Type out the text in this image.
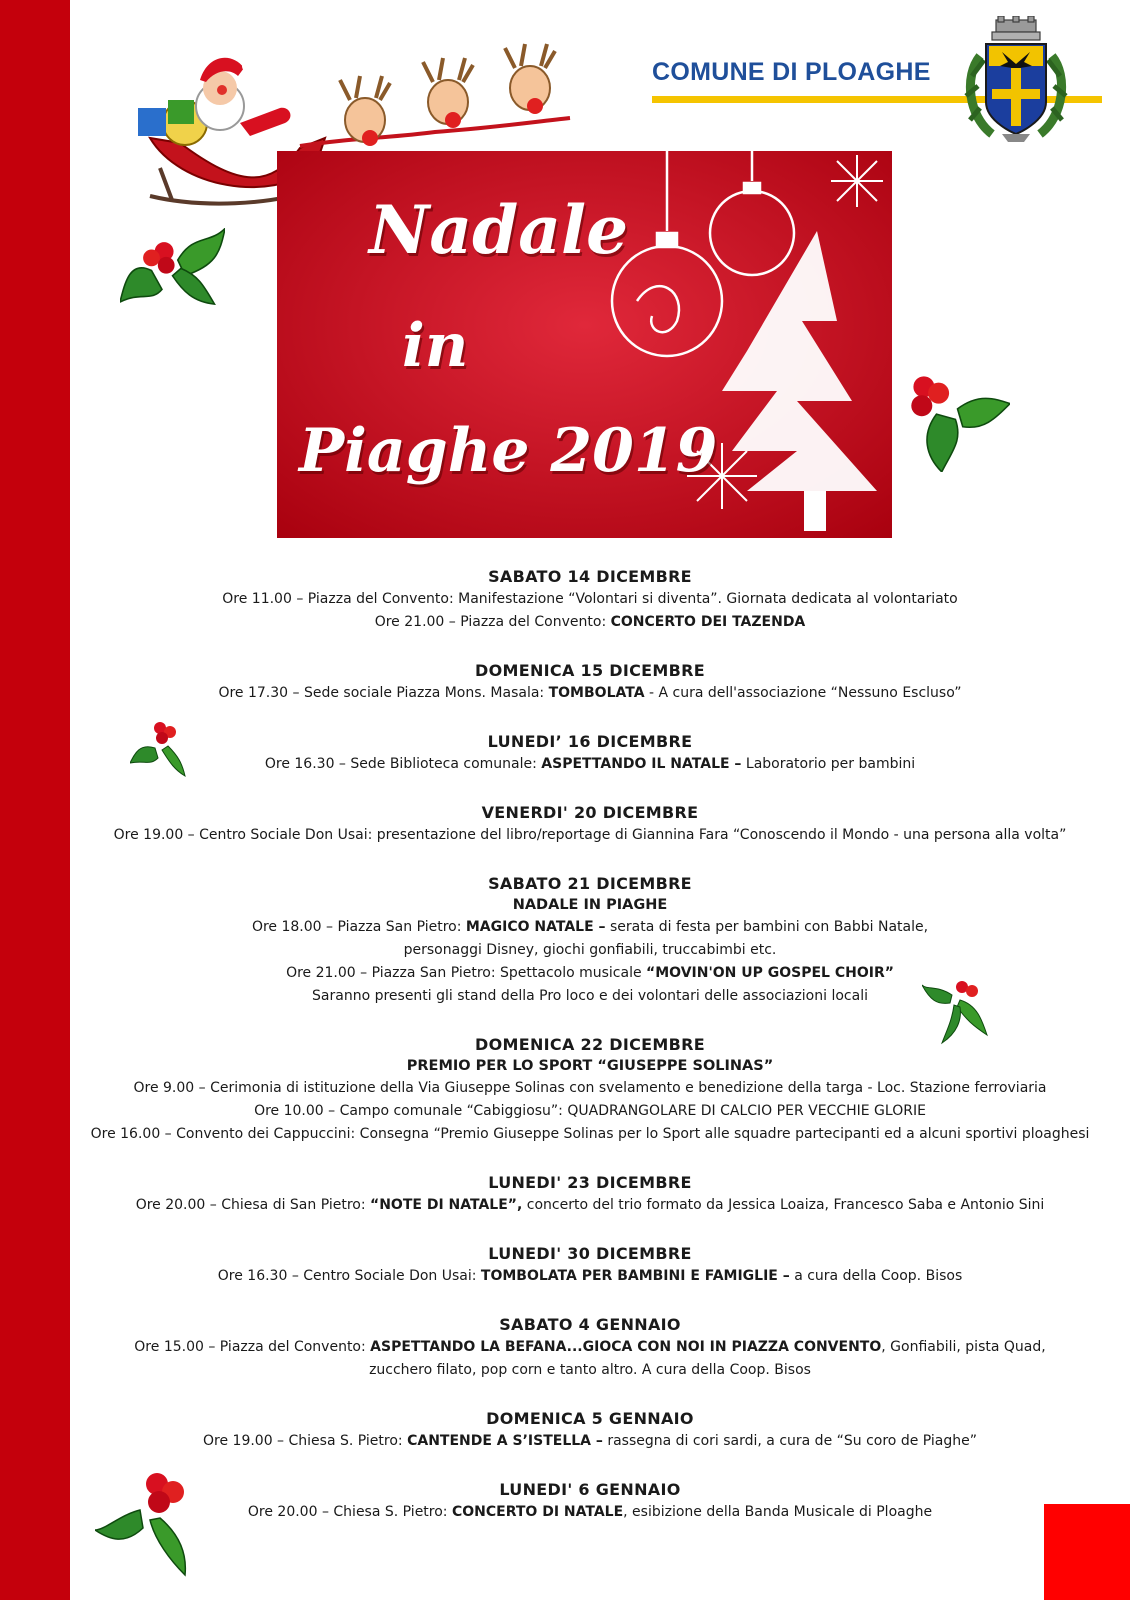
COMUNE DI PLOAGHE
Nadale
in
Piaghe 2019
SABATO 14 DICEMBRE
Ore 11.00 – Piazza del Convento: Manifestazione “Volontari si diventa”. Giornata dedicata al volontariato
Ore 21.00 – Piazza del Convento: CONCERTO DEI TAZENDA
DOMENICA 15 DICEMBRE
Ore 17.30 – Sede sociale Piazza Mons. Masala: TOMBOLATA - A cura dell'associazione “Nessuno Escluso”
LUNEDI’ 16 DICEMBRE
Ore 16.30 – Sede Biblioteca comunale: ASPETTANDO IL NATALE – Laboratorio per bambini
VENERDI' 20 DICEMBRE
Ore 19.00 – Centro Sociale Don Usai: presentazione del libro/reportage di Giannina Fara “Conoscendo il Mondo - una persona alla volta”
SABATO 21 DICEMBRE
NADALE IN PIAGHE
Ore 18.00 – Piazza San Pietro: MAGICO NATALE – serata di festa per bambini con Babbi Natale,
personaggi Disney, giochi gonfiabili, truccabimbi etc.
Ore 21.00 – Piazza San Pietro: Spettacolo musicale “MOVIN'ON UP GOSPEL CHOIR”
Saranno presenti gli stand della Pro loco e dei volontari delle associazioni locali
DOMENICA 22 DICEMBRE
PREMIO PER LO SPORT “GIUSEPPE SOLINAS”
Ore 9.00 – Cerimonia di istituzione della Via Giuseppe Solinas con svelamento e benedizione della targa - Loc. Stazione ferroviaria
Ore 10.00 – Campo comunale “Cabiggiosu”: QUADRANGOLARE DI CALCIO PER VECCHIE GLORIE
Ore 16.00 – Convento dei Cappuccini: Consegna “Premio Giuseppe Solinas per lo Sport alle squadre partecipanti ed a alcuni sportivi ploaghesi
LUNEDI' 23 DICEMBRE
Ore 20.00 – Chiesa di San Pietro: “NOTE DI NATALE”, concerto del trio formato da Jessica Loaiza, Francesco Saba e Antonio Sini
LUNEDI' 30 DICEMBRE
Ore 16.30 – Centro Sociale Don Usai: TOMBOLATA PER BAMBINI E FAMIGLIE – a cura della Coop. Bisos
SABATO 4 GENNAIO
Ore 15.00 – Piazza del Convento: ASPETTANDO LA BEFANA...GIOCA CON NOI IN PIAZZA CONVENTO, Gonfiabili, pista Quad,
zucchero filato, pop corn e tanto altro. A cura della Coop. Bisos
DOMENICA 5 GENNAIO
Ore 19.00 – Chiesa S. Pietro: CANTENDE A S’ISTELLA – rassegna di cori sardi, a cura de “Su coro de Piaghe”
LUNEDI' 6 GENNAIO
Ore 20.00 – Chiesa S. Pietro: CONCERTO DI NATALE, esibizione della Banda Musicale di Ploaghe
